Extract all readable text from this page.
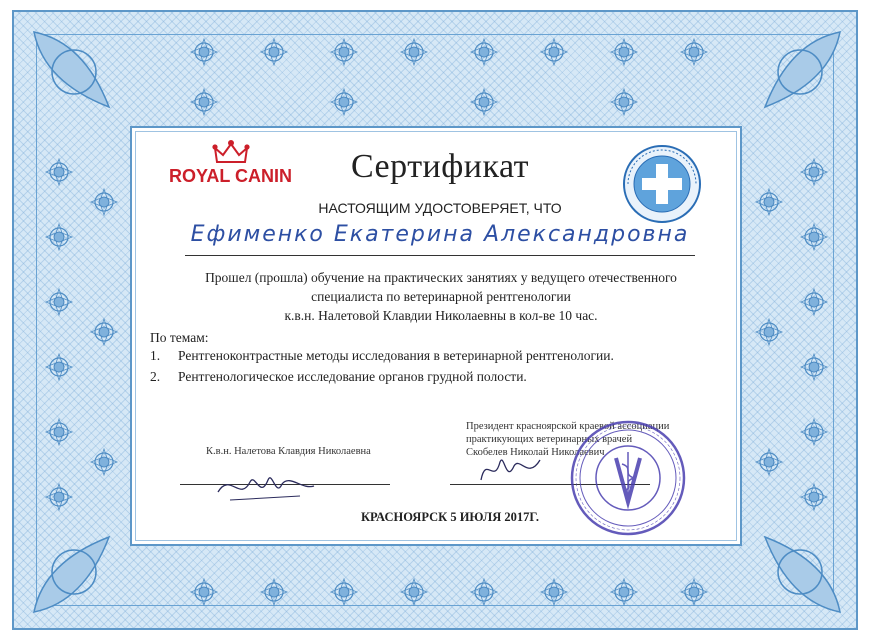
ROYAL CANIN	Сертификат
НАСТОЯЩИМ УДОСТОВЕРЯЕТ, ЧТО
Ефименко Екатерина Александровна
Прошел (прошла) обучение на практических занятиях у ведущего отечественного
специалиста по ветеринарной рентгенологии
к.в.н. Налетовой Клавдии Николаевны в кол-ве 10 час.
По темам:
1. Рентгеноконтрастные методы исследования в ветеринарной рентгенологии.
2. Рентгенологическое исследование органов грудной полости.
К.в.н. Налетова Клавдия Николаевна
Президент красноярской краевой ассоциации
практикующих ветеринарных врачей
Скобелев Николай Николаевич
КРАСНОЯРСК 5 ИЮЛЯ 2017Г.
